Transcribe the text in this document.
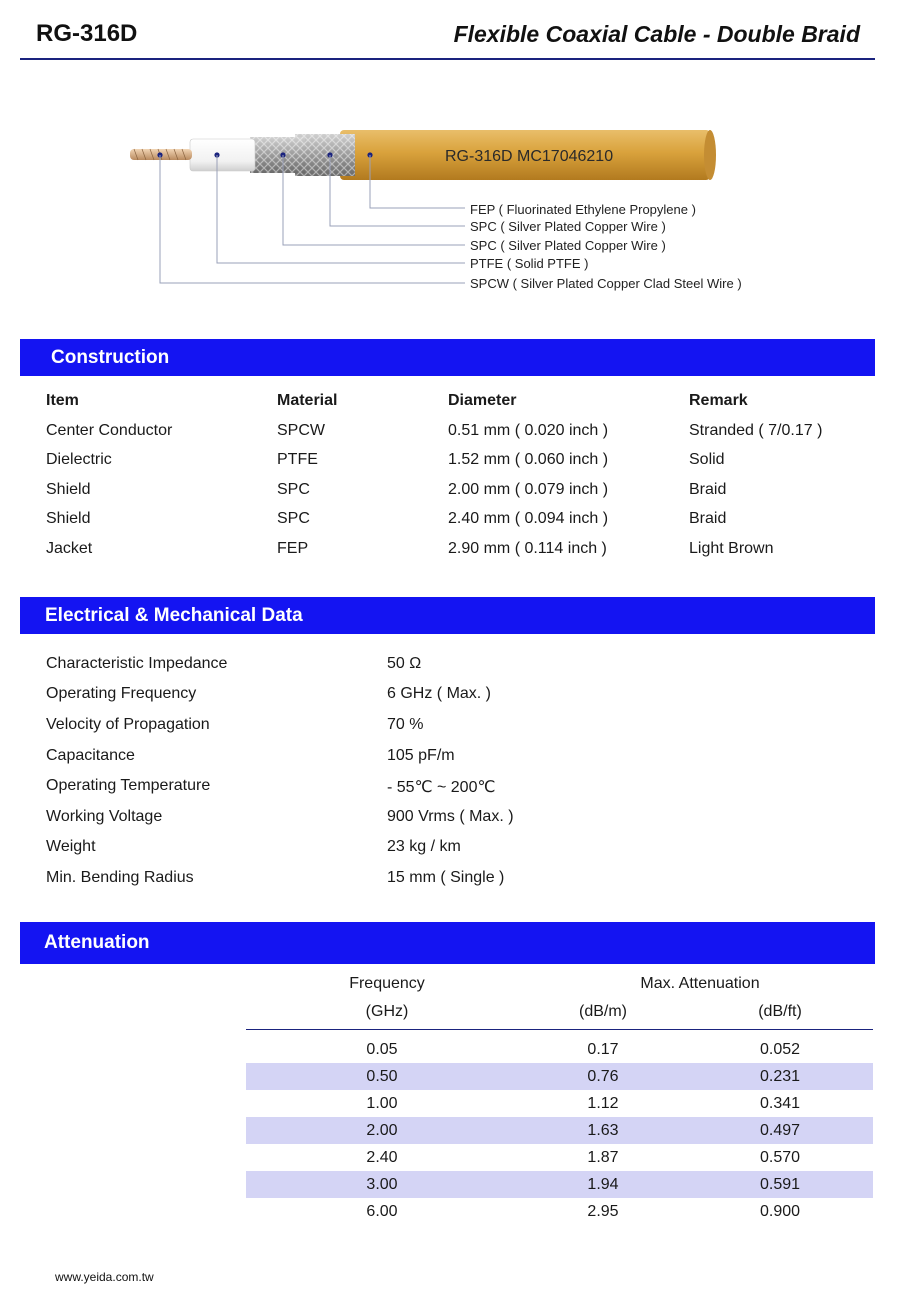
RG-316D	Flexible Coaxial Cable - Double Braid
RG-316D MC17046210
FEP ( Fluorinated Ethylene Propylene )
SPC ( Silver Plated Copper Wire )
SPC ( Silver Plated Copper Wire )
PTFE ( Solid PTFE )
SPCW ( Silver Plated Copper Clad Steel Wire )
Construction
Item	Material	Diameter	Remark
Center Conductor	SPCW	0.51 mm ( 0.020 inch )	Stranded ( 7/0.17 )
Dielectric	PTFE	1.52 mm ( 0.060 inch )	Solid
Shield	SPC	2.00 mm ( 0.079 inch )	Braid
Shield	SPC	2.40 mm ( 0.094 inch )	Braid
Jacket	FEP	2.90 mm ( 0.114 inch )	Light Brown
Electrical & Mechanical Data
Characteristic Impedance	50 Ω
Operating Frequency	6 GHz ( Max. )
Velocity of Propagation	70 %
Capacitance	105 pF/m
Operating Temperature	- 55℃ ~ 200℃
Working Voltage	900 Vrms ( Max. )
Weight	23 kg / km
Min. Bending Radius	15 mm ( Single )
Attenuation
Frequency	Max. Attenuation
(GHz)	(dB/m)	(dB/ft)
0.05	0.17	0.052
0.50	0.76	0.231
1.00	1.12	0.341
2.00	1.63	0.497
2.40	1.87	0.570
3.00	1.94	0.591
6.00	2.95	0.900
www.yeida.com.tw
